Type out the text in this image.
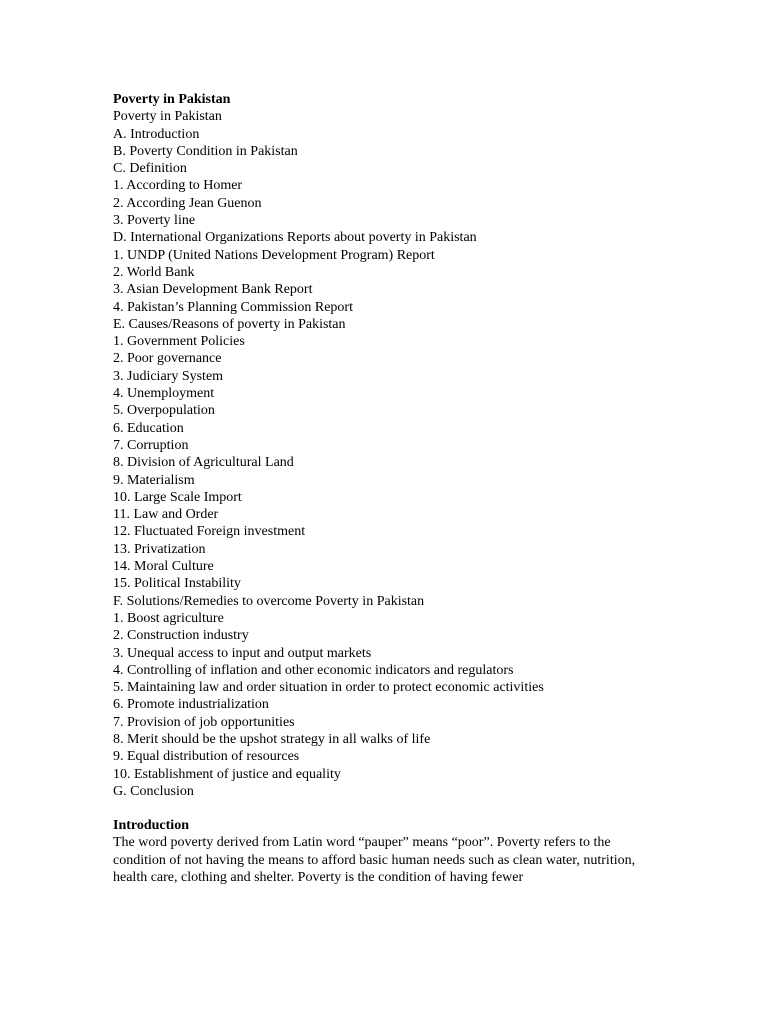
Poverty in Pakistan
Poverty in Pakistan
A. Introduction
B. Poverty Condition in Pakistan
C. Definition
1. According to Homer
2. According Jean Guenon
3. Poverty line
D. International Organizations Reports about poverty in Pakistan
1. UNDP (United Nations Development Program) Report
2. World Bank
3. Asian Development Bank Report
4. Pakistan’s Planning Commission Report
E. Causes/Reasons of poverty in Pakistan
1. Government Policies
2. Poor governance
3. Judiciary System
4. Unemployment
5. Overpopulation
6. Education
7. Corruption
8. Division of Agricultural Land
9. Materialism
10. Large Scale Import
11. Law and Order
12. Fluctuated Foreign investment
13. Privatization
14. Moral Culture
15. Political Instability
F. Solutions/Remedies to overcome Poverty in Pakistan
1. Boost agriculture
2. Construction industry
3. Unequal access to input and output markets
4. Controlling of inflation and other economic indicators and regulators
5. Maintaining law and order situation in order to protect economic activities
6. Promote industrialization
7. Provision of job opportunities
8. Merit should be the upshot strategy in all walks of life
9. Equal distribution of resources
10. Establishment of justice and equality
G. Conclusion
Introduction
The word poverty derived from Latin word “pauper” means “poor”. Poverty refers to the condition of not having the means to afford basic human needs such as clean water, nutrition, health care, clothing and shelter. Poverty is the condition of having fewer
